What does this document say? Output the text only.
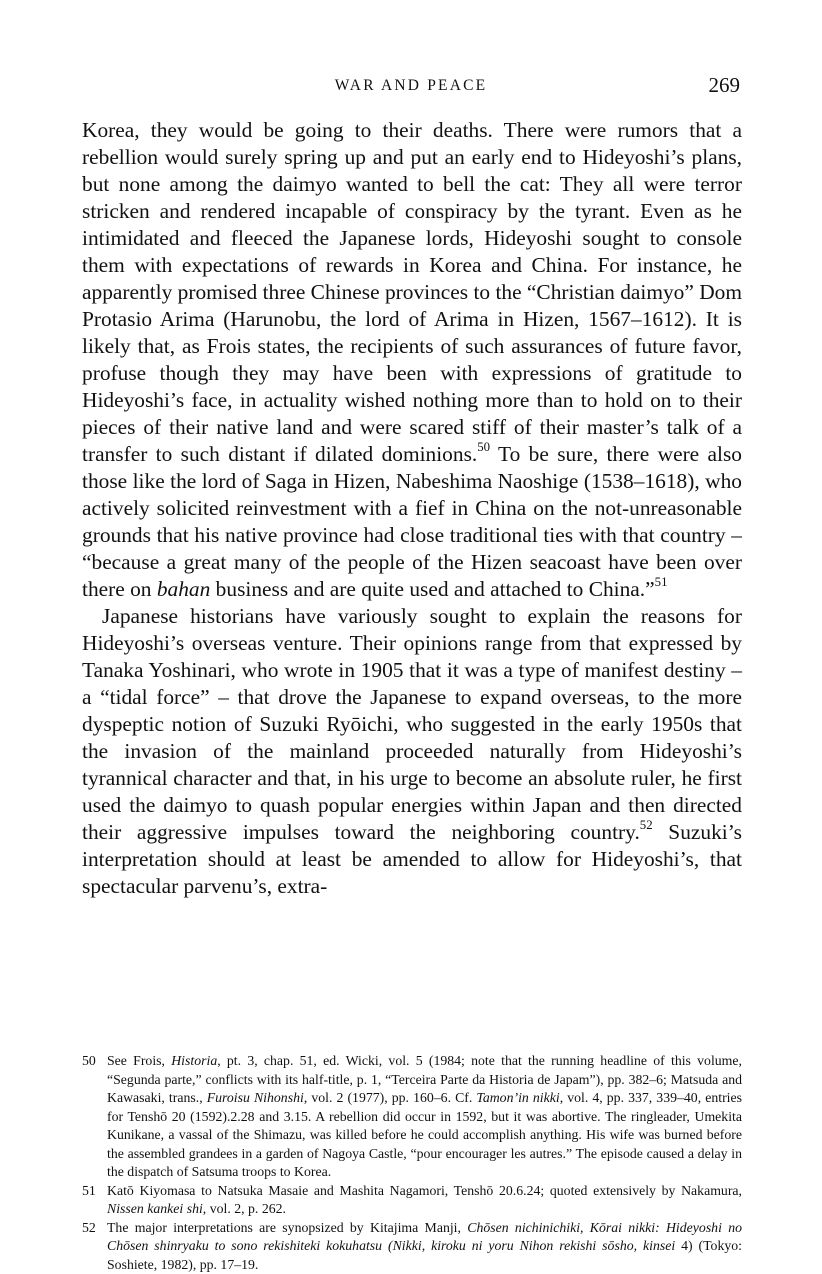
WAR AND PEACE	269

Korea, they would be going to their deaths. There were rumors that a rebellion would surely spring up and put an early end to Hideyoshi’s plans, but none among the daimyo wanted to bell the cat: They all were terror stricken and rendered incapable of conspiracy by the tyrant. Even as he intimidated and fleeced the Japanese lords, Hideyoshi sought to console them with expectations of rewards in Korea and China. For instance, he apparently promised three Chinese provinces to the “Christian daimyo” Dom Protasio Arima (Harunobu, the lord of Arima in Hizen, 1567–1612). It is likely that, as Frois states, the recipients of such assurances of future favor, profuse though they may have been with expressions of gratitude to Hideyoshi’s face, in actuality wished nothing more than to hold on to their pieces of their native land and were scared stiff of their master’s talk of a transfer to such distant if dilated dominions.$^{50}$ To be sure, there were also those like the lord of Saga in Hizen, Nabeshima Naoshige (1538–1618), who actively solicited reinvestment with a fief in China on the not-unreasonable grounds that his native province had close traditional ties with that country – “because a great many of the people of the Hizen seacoast have been over there on bahan business and are quite used and attached to China.”$^{51}$

Japanese historians have variously sought to explain the reasons for Hideyoshi’s overseas venture. Their opinions range from that expressed by Tanaka Yoshinari, who wrote in 1905 that it was a type of manifest destiny – a “tidal force” – that drove the Japanese to expand overseas, to the more dyspeptic notion of Suzuki Ryōichi, who suggested in the early 1950s that the invasion of the mainland proceeded naturally from Hideyoshi’s tyrannical character and that, in his urge to become an absolute ruler, he first used the daimyo to quash popular energies within Japan and then directed their aggressive impulses toward the neighboring country.$^{52}$ Suzuki’s interpretation should at least be amended to allow for Hideyoshi’s, that spectacular parvenu’s, extra-

50 See Frois, Historia, pt. 3, chap. 51, ed. Wicki, vol. 5 (1984; note that the running headline of this volume, “Segunda parte,” conflicts with its half-title, p. 1, “Terceira Parte da Historia de Japam”), pp. 382–6; Matsuda and Kawasaki, trans., Furoisu Nihonshi, vol. 2 (1977), pp. 160–6. Cf. Tamon’in nikki, vol. 4, pp. 337, 339–40, entries for Tenshō 20 (1592).2.28 and 3.15. A rebellion did occur in 1592, but it was abortive. The ringleader, Umekita Kunikane, a vassal of the Shimazu, was killed before he could accomplish anything. His wife was burned before the assembled grandees in a garden of Nagoya Castle, “pour encourager les autres.” The episode caused a delay in the dispatch of Satsuma troops to Korea.
51 Katō Kiyomasa to Natsuka Masaie and Mashita Nagamori, Tenshō 20.6.24; quoted extensively by Nakamura, Nissen kankei shi, vol. 2, p. 262.
52 The major interpretations are synopsized by Kitajima Manji, Chōsen nichinichiki, Kōrai nikki: Hideyoshi no Chōsen shinryaku to sono rekishiteki kokuhatsu (Nikki, kiroku ni yoru Nihon rekishi sōsho, kinsei 4) (Tokyo: Soshiete, 1982), pp. 17–19.
